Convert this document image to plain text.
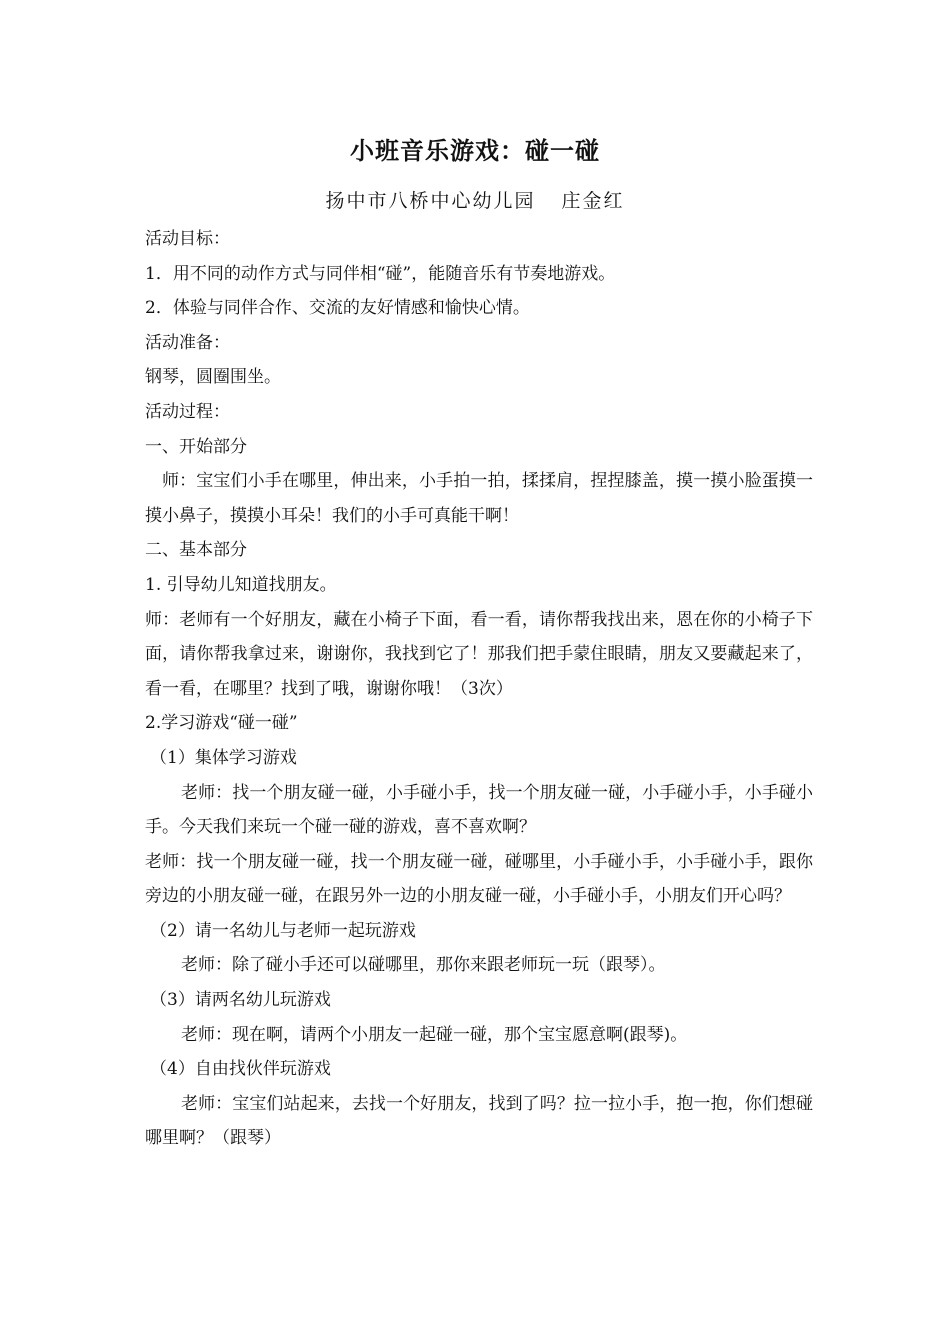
小班音乐游戏：碰一碰
扬中市八桥中心幼儿园 庄金红

活动目标：

1．用不同的动作方式与同伴相“碰”，能随音乐有节奏地游戏。

2．体验与同伴合作、交流的友好情感和愉快心情。

活动准备：

钢琴，圆圈围坐。

活动过程：

一、开始部分

师：宝宝们小手在哪里，伸出来，小手拍一拍，揉揉肩，捏捏膝盖，摸一摸小脸蛋摸一摸小鼻子，摸摸小耳朵！我们的小手可真能干啊！

二、基本部分

1. 引导幼儿知道找朋友。

师：老师有一个好朋友，藏在小椅子下面，看一看，请你帮我找出来，恩在你的小椅子下面，请你帮我拿过来，谢谢你，我找到它了！那我们把手蒙住眼睛，朋友又要藏起来了，看一看，在哪里？找到了哦，谢谢你哦！（3次）

2.学习游戏“碰一碰”

（1）集体学习游戏

老师：找一个朋友碰一碰，小手碰小手，找一个朋友碰一碰，小手碰小手，小手碰小手。今天我们来玩一个碰一碰的游戏，喜不喜欢啊？

老师：找一个朋友碰一碰，找一个朋友碰一碰，碰哪里，小手碰小手，小手碰小手，跟你旁边的小朋友碰一碰，在跟另外一边的小朋友碰一碰，小手碰小手，小朋友们开心吗？

（2）请一名幼儿与老师一起玩游戏

老师：除了碰小手还可以碰哪里，那你来跟老师玩一玩（跟琴）。

（3）请两名幼儿玩游戏

老师：现在啊，请两个小朋友一起碰一碰，那个宝宝愿意啊(跟琴)。

（4）自由找伙伴玩游戏

老师：宝宝们站起来，去找一个好朋友，找到了吗？拉一拉小手，抱一抱，你们想碰哪里啊？（跟琴）
